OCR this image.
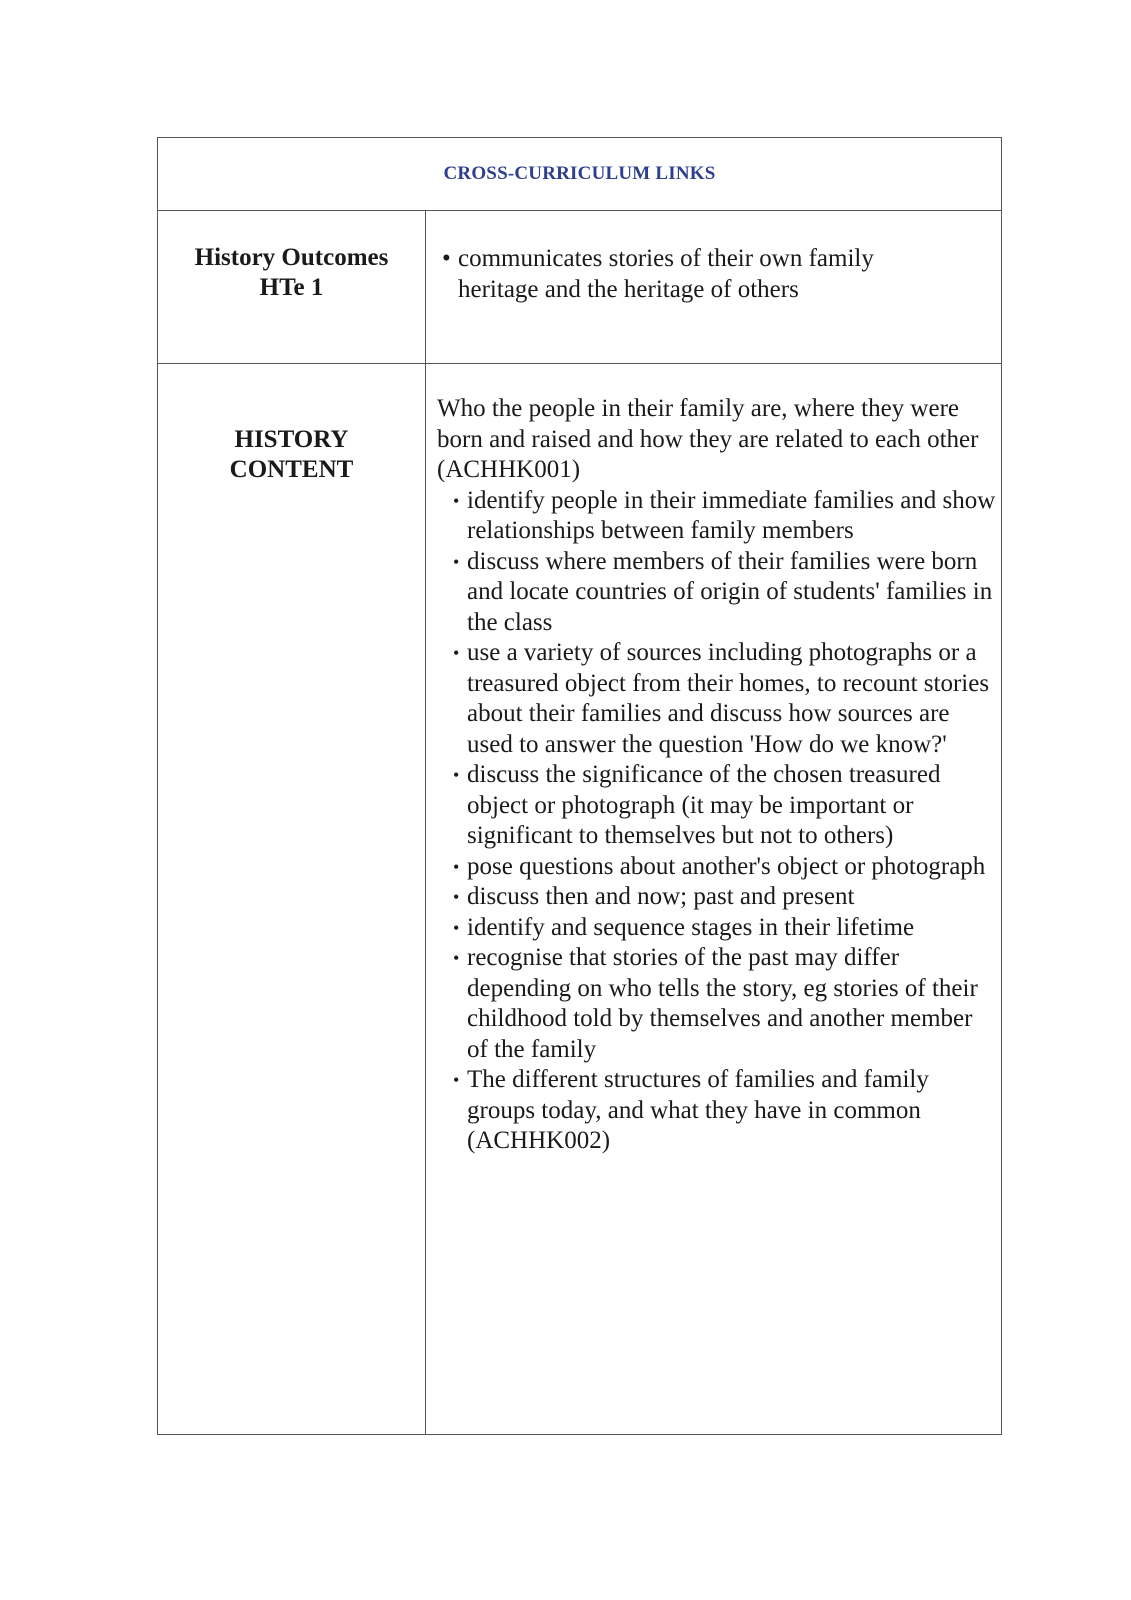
CROSS-CURRICULUM LINKS
History Outcomes
HTe 1
• communicates stories of their own family heritage and the heritage of others
HISTORY
CONTENT

Who the people in their family are, where they were born and raised and how they are related to each other (ACHHK001)

• identify people in their immediate families and show relationships between family members
• discuss where members of their families were born and locate countries of origin of students' families in the class
• use a variety of sources including photographs or a treasured object from their homes, to recount stories about their families and discuss how sources are used to answer the question 'How do we know?'
• discuss the significance of the chosen treasured object or photograph (it may be important or significant to themselves but not to others)
• pose questions about another's object or photograph
• discuss then and now; past and present
• identify and sequence stages in their lifetime
• recognise that stories of the past may differ depending on who tells the story, eg stories of their childhood told by themselves and another member of the family
• The different structures of families and family groups today, and what they have in common (ACHHK002)
